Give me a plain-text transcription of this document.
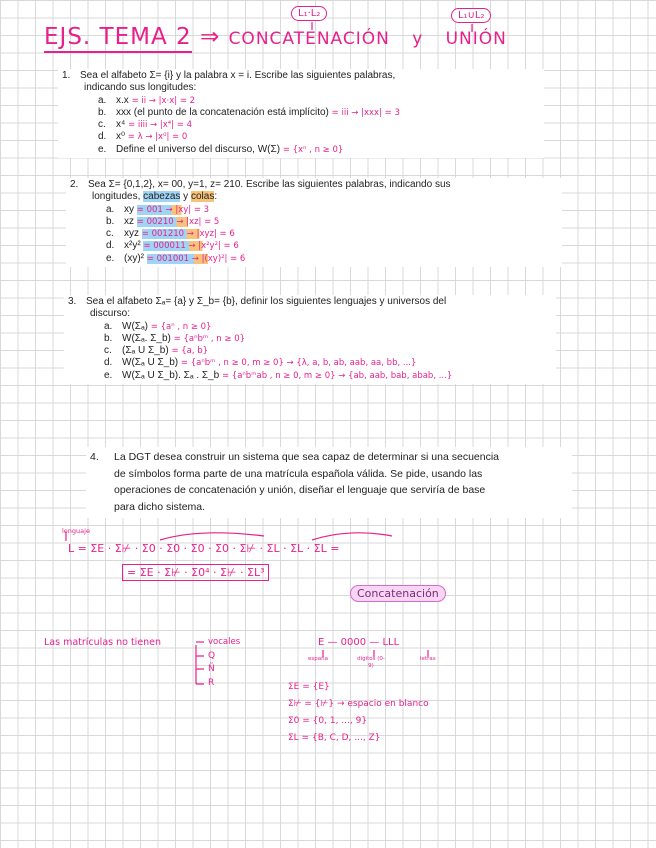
L₁·L₂	L₁∪L₂
EJS. TEMA 2 ⇒ CONCATENACIÓN y UNIÓN
1. Sea el alfabeto Σ= {i} y la palabra x = i. Escribe las siguientes palabras,
indicando sus longitudes:
a. x.x = ii → |x·x| = 2
b. xxx (el punto de la concatenación está implícito) = iii → |xxx| = 3
c. x⁴ = iiii → |x⁴| = 4
d. x⁰ = λ → |x⁰| = 0
e. Define el universo del discurso, W(Σ) = {xⁿ , n ≥ 0}
2. Sea Σ= {0,1,2}, x= 00, y=1, z= 210. Escribe las siguientes palabras, indicando sus
longitudes, cabezas y colas:
a. xy = 001 → |xy| = 3
b. xz = 00210 → |xz| = 5
c. xyz = 001210 → |xyz| = 6
d. x²y² = 000011 → |x²y²| = 6
e. (xy)² = 001001 → |(xy)²| = 6
3. Sea el alfabeto Σₐ= {a} y Σ_b= {b}, definir los siguientes lenguajes y universos del
discurso:
a. W(Σₐ) = {aⁿ , n ≥ 0}
b. W(Σₐ. Σ_b) = {aⁿbᵐ , n ≥ 0}
c. (Σₐ U Σ_b) = {a, b}
d. W(Σₐ U Σ_b) = {aⁿbᵐ , n ≥ 0, m ≥ 0} → {λ, a, b, ab, aab, aa, bb, ...}
e. W(Σₐ U Σ_b). Σₐ . Σ_b = {aⁿbᵐab , n ≥ 0, m ≥ 0} → {ab, aab, bab, abab, ...}
4. La DGT desea construir un sistema que sea capaz de determinar si una secuencia
de símbolos forma parte de una matrícula española válida. Se pide, usando las
operaciones de concatenación y unión, diseñar el lenguaje que serviría de base
para dicho sistema.
lenguaje
L = ΣE · Σ⊬ · Σ0 · Σ0 · Σ0 · Σ0 · Σ⊬ · ΣL · ΣL · ΣL =
= ΣE · Σ⊬ · Σ0⁴ · Σ⊬ · ΣL³
Concatenación
Las matrículas no tienen	vocales
Q
Ñ
R
E — 0000 — LLL
españa	dígitos (0-9)
letras
ΣE = {E}
Σ⊬ = {⊬} → espacio en blanco
Σ0 = {0, 1, ..., 9}
ΣL = {B, C, D, ..., Z}
